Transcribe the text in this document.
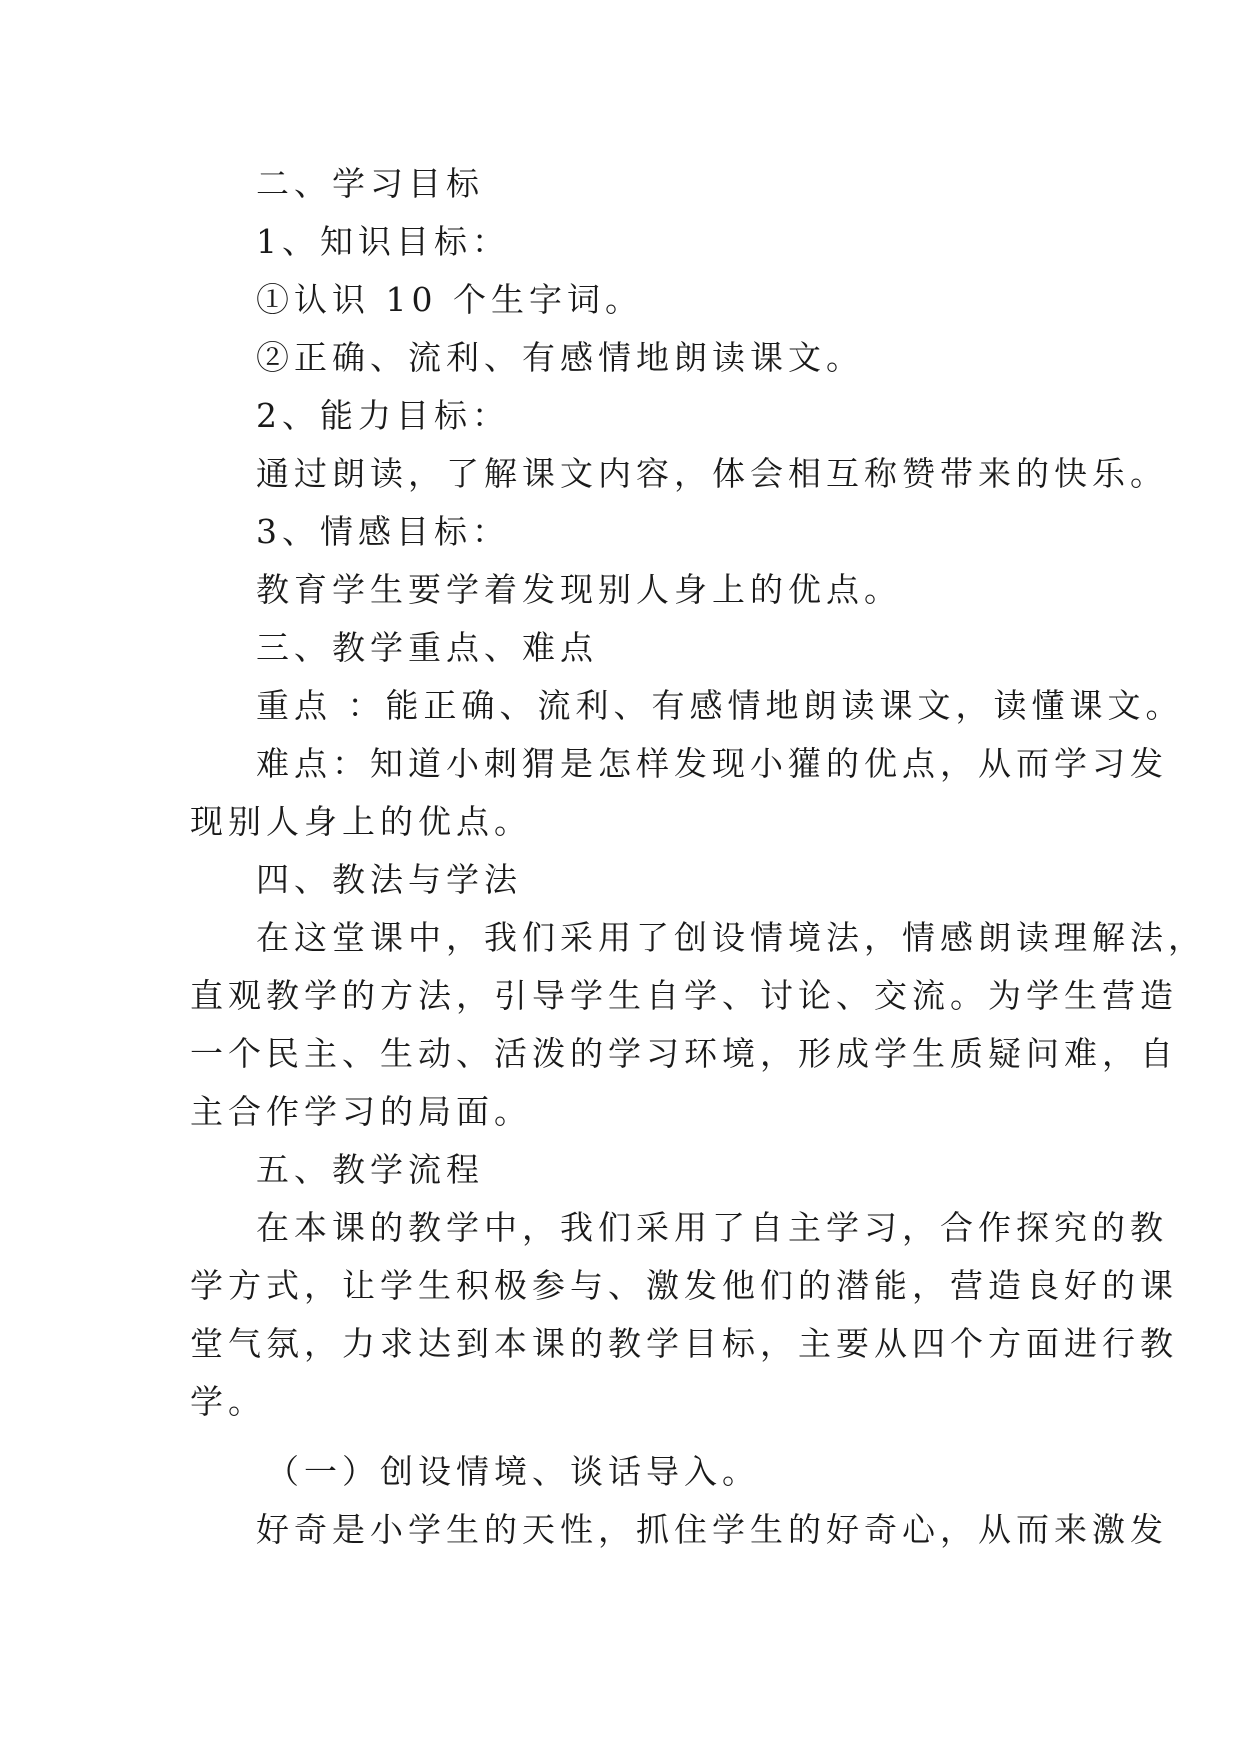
二、学习目标

1、知识目标：

①认识 10 个生字词。

②正确、流利、有感情地朗读课文。

2、能力目标：

通过朗读，了解课文内容，体会相互称赞带来的快乐。

3、情感目标：

教育学生要学着发现别人身上的优点。

三、教学重点、难点

重点 ：能正确、流利、有感情地朗读课文，读懂课文。

难点：知道小刺猬是怎样发现小獾的优点，从而学习发

现别人身上的优点。

四、教法与学法

在这堂课中，我们采用了创设情境法，情感朗读理解法，

直观教学的方法，引导学生自学、讨论、交流。为学生营造

一个民主、生动、活泼的学习环境，形成学生质疑问难，自

主合作学习的局面。

五、教学流程

在本课的教学中，我们采用了自主学习，合作探究的教

学方式，让学生积极参与、激发他们的潜能，营造良好的课

堂气氛，力求达到本课的教学目标，主要从四个方面进行教

学。

（一）创设情境、谈话导入。

好奇是小学生的天性，抓住学生的好奇心，从而来激发
